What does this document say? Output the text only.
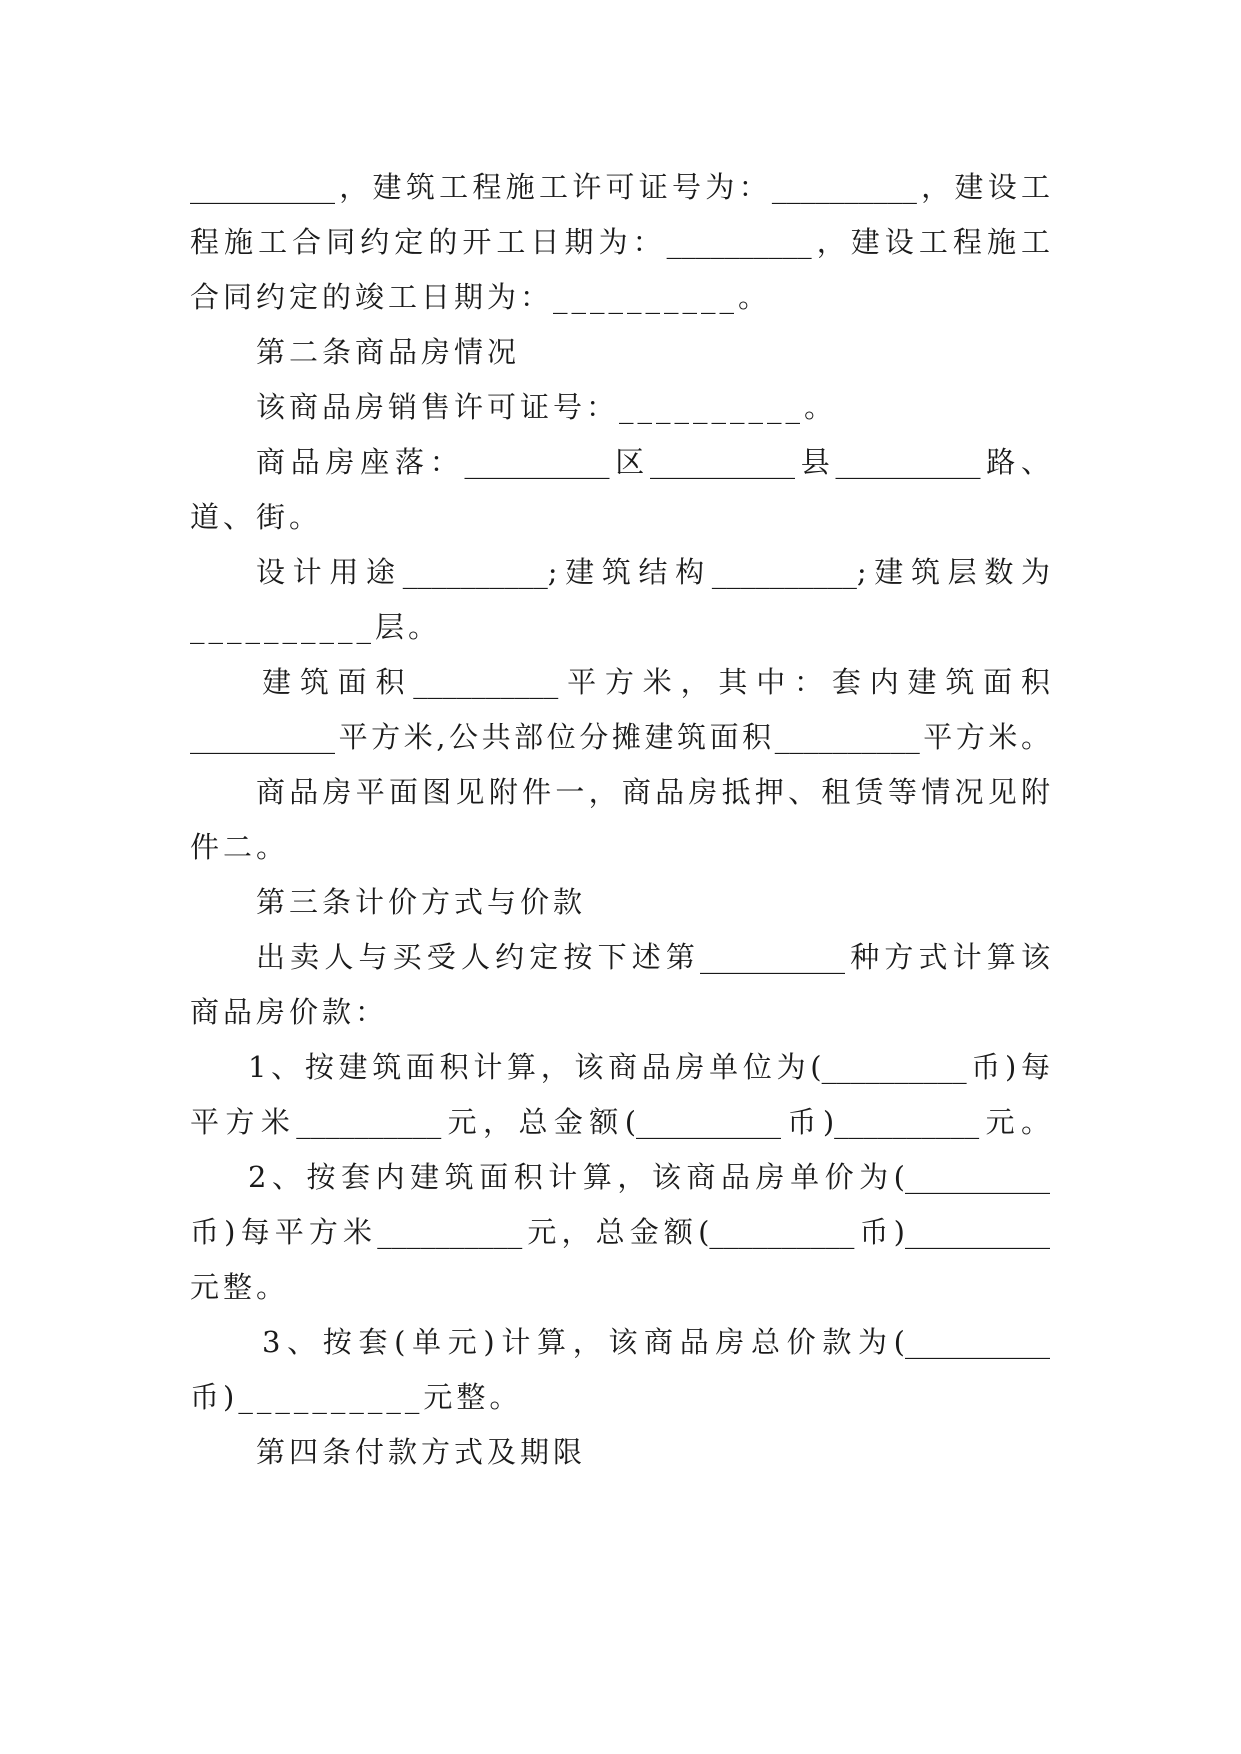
__________，建筑工程施工许可证号为：__________，建设工
程施工合同约定的开工日期为：__________，建设工程施工
合同约定的竣工日期为：__________。
第二条商品房情况
该商品房销售许可证号：__________。
商品房座落：__________区__________县__________路、
道、街。
设计用途__________;建筑结构__________;建筑层数为
__________层。
建筑面积__________平方米，其中：套内建筑面积
__________平方米,公共部位分摊建筑面积__________平方米。
商品房平面图见附件一，商品房抵押、租赁等情况见附
件二。
第三条计价方式与价款
出卖人与买受人约定按下述第__________种方式计算该
商品房价款：
1、按建筑面积计算，该商品房单位为(__________币)每
平方米__________元，总金额(__________币)__________元。
2、按套内建筑面积计算，该商品房单价为(__________
币)每平方米__________元，总金额(__________币)__________
元整。
3、按套(单元)计算，该商品房总价款为(__________
币)__________元整。
第四条付款方式及期限
